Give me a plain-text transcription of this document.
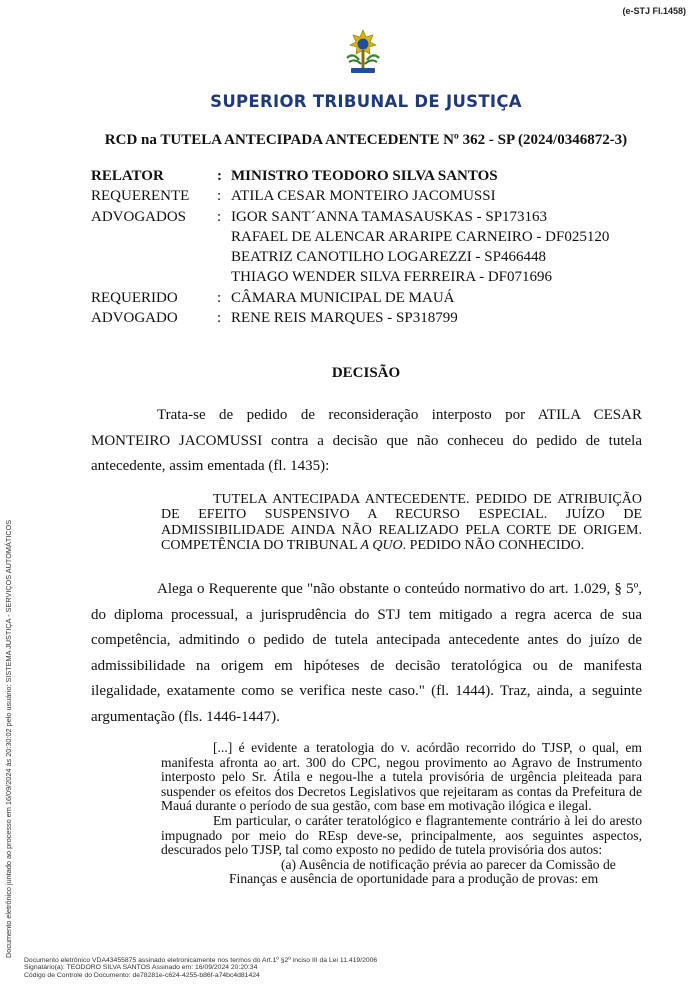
(e-STJ Fl.1458)
SUPERIOR TRIBUNAL DE JUSTIÇA
RCD na TUTELA ANTECIPADA ANTECEDENTE Nº 362 - SP (2024/0346872-3)
RELATOR	: MINISTRO TEODORO SILVA SANTOS
REQUERENTE	: ATILA CESAR MONTEIRO JACOMUSSI
ADVOGADOS	: IGOR SANT´ANNA TAMASAUSKAS - SP173163
RAFAEL DE ALENCAR ARARIPE CARNEIRO - DF025120
BEATRIZ CANOTILHO LOGAREZZI - SP466448
THIAGO WENDER SILVA FERREIRA - DF071696
REQUERIDO	: CÂMARA MUNICIPAL DE MAUÁ
ADVOGADO	: RENE REIS MARQUES - SP318799
DECISÃO

Trata-se de pedido de reconsideração interposto por ATILA CESAR MONTEIRO JACOMUSSI contra a decisão que não conheceu do pedido de tutela antecedente, assim ementada (fl. 1435):

TUTELA ANTECIPADA ANTECEDENTE. PEDIDO DE ATRIBUIÇÃO DE EFEITO SUSPENSIVO A RECURSO ESPECIAL. JUÍZO DE ADMISSIBILIDADE AINDA NÃO REALIZADO PELA CORTE DE ORIGEM. COMPETÊNCIA DO TRIBUNAL A QUO. PEDIDO NÃO CONHECIDO.

Alega o Requerente que "não obstante o conteúdo normativo do art. 1.029, § 5º, do diploma processual, a jurisprudência do STJ tem mitigado a regra acerca de sua competência, admitindo o pedido de tutela antecipada antecedente antes do juízo de admissibilidade na origem em hipóteses de decisão teratológica ou de manifesta ilegalidade, exatamente como se verifica neste caso." (fl. 1444). Traz, ainda, a seguinte argumentação (fls. 1446-1447).

[...] é evidente a teratologia do v. acórdão recorrido do TJSP, o qual, em manifesta afronta ao art. 300 do CPC, negou provimento ao Agravo de Instrumento interposto pelo Sr. Átila e negou-lhe a tutela provisória de urgência pleiteada para suspender os efeitos dos Decretos Legislativos que rejeitaram as contas da Prefeitura de Mauá durante o período de sua gestão, com base em motivação ilógica e ilegal.

Em particular, o caráter teratológico e flagrantemente contrário à lei do aresto impugnado por meio do REsp deve-se, principalmente, aos seguintes aspectos, descurados pelo TJSP, tal como exposto no pedido de tutela provisória dos autos:

(a) Ausência de notificação prévia ao parecer da Comissão de
Finanças e ausência de oportunidade para a produção de provas: em

Documento eletrônico juntado ao processo em 16/09/2024 às 20:30:02 pelo usuário: SISTEMA JUSTIÇA - SERVIÇOS AUTOMÁTICOS
Documento eletrônico VDA43455875 assinado eletronicamente nos termos do Art.1º §2º inciso III da Lei 11.419/2006
Signatário(a): TEODORO SILVA SANTOS Assinado em: 16/09/2024 20:20:34
Código de Controle do Documento: de78281e-c624-4255-b86f-a74bc4d81424
